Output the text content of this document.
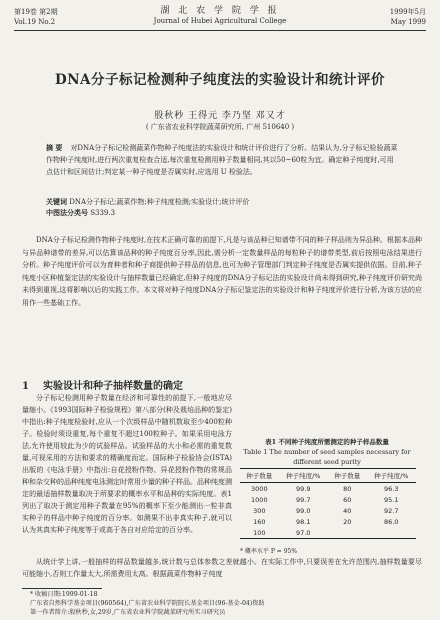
第19卷 第2期
Vol.19 No.2
湖 北 农 学 院 学 报
Journal of Hubei Agricultural College
1999年5月
May 1999
DNA分子标记检测种子纯度法的实验设计和统计评价
殷秋秒 王得元 李乃坚 邓又才
( 广东省农业科学院蔬菜研究所, 广州 510640 )
摘 要 对DNA分子标记检测蔬菜作物种子纯度法的实验设计和统计评价进行了分析。结果认为,分子标记检验蔬菜作物种子纯度时,进行两次重复检查合适,每次重复检测用种子数量相同,其以50~60粒为宜。确定种子纯度时,可用点估计和区间估计;判定某一种子纯度是否属实时,应选用 U 检验法。
关键词 DNA分子标记;蔬菜作物;种子纯度检测;实验设计;统计评价
中图法分类号 S339.3
DNA分子标记检测作物种子纯度时,在技术正确可靠的前提下,凡是与该品种已知谱带不同的种子样品则为异品种。根据本品种与异品种谱带的差异,可以估算该品种的种子纯度百分率,因此,需分析一定数量样品的每粒种子的谱带类型,前后按照电泳结果进行分析。种子纯度评价可以为育种者和种子商提供种子样品的信息,也可为种子管理部门判定种子纯度是否属实提供依据。目前,种子纯度小区种植鉴定法的实验设计与抽样数量已经确定,但种子纯度的DNA分子标记法的实验设计尚未得到研究,种子纯度评价研究尚未得到重视,这将影响以后的实践工作。本文将对种子纯度DNA分子标记鉴定法的实验设计和种子纯度评价进行分析,为该方法的应用作一些基础工作。
1 实验设计和种子抽样数量的确定
分子标记检测用种子数量在经济和可靠性的前提下,一般地应尽量缩小。《1993国际种子检验规程》第八部分(种及栽培品种的鉴定)中指出:种子纯度检验时,应从一个次级样品中随机数取至少400粒种子。检验时须设重复,每个重复不超过100粒种子。如果采用电泳方法,允许使用较此为少的试验样品。试验样品的大小和必需的重复数量,可视采用的方法和要求的精确度而定。国际种子检验协会(ISTA)出版的《电泳手册》中指出:自花授粉作物、异花授粉作物的常规品种和杂交种的品种纯度电泳测定时常用少量的种子样品。品种纯度测定的最适抽样数量取决于所要求的概率水平和品种的实际纯度。表1列出了取决于测定用种子数量在95%的概率下至少能测出一粒非真实种子的样品中种子纯度的百分率。如测果不出非真实种子,就可以认为其真实种子纯度等于或高于各自对应给定的百分率。
表1 不同种子纯度所需测定的种子样品数量
Table 1 The number of seed samples necessary for different seed purity
种子数量	种子纯度/%	种子数量	种子纯度/%
3000	99.9	80	96.3
1000	99.7	60	95.1
300	99.0	40	92.7
160	98.1	20	86.0
100	97.0		
* 概率水平 P = 95%
从统计学上讲,一般抽样的样品数量越多,统计数与总体参数之差就越小。在实际工作中,只要误差在允许范围内,抽样数量要尽可能缩小,否则工作量太大,所需费用太高。根据蔬菜作物种子纯度
* 收稿日期:1999-01-18
广东省自然科学基金项目(960564),广东省农业科学院院长基金项目(96-基金-04)资助
第一作者简介:殷秋秒,女,29岁,广东省农业科学院蔬菜研究所实习研究员
